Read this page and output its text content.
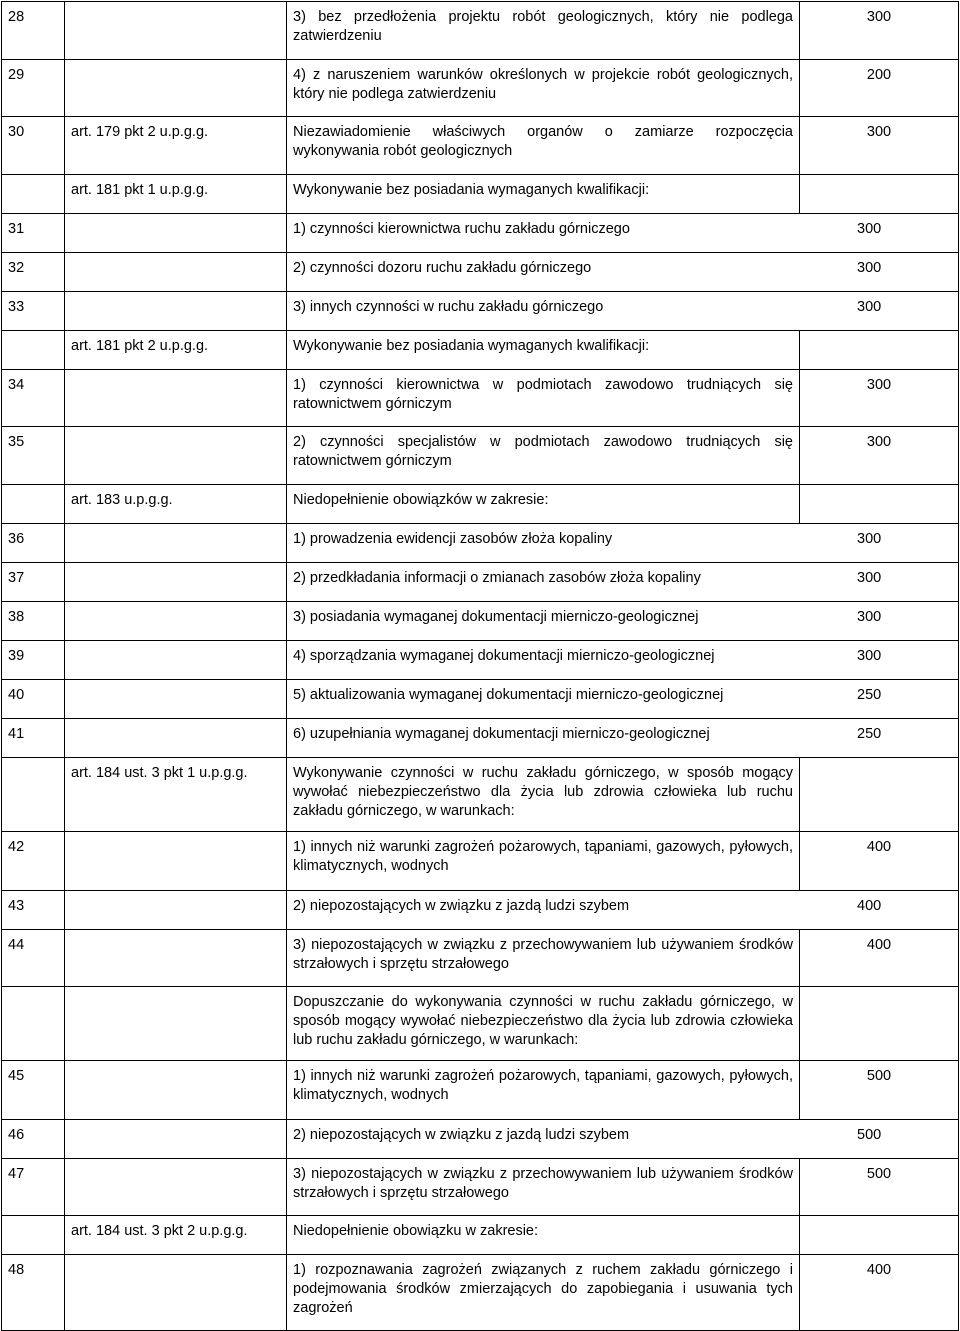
28		3) bez przedłożenia projektu robót geologicznych, który nie podlega zatwierdzeniu	300
29		4) z naruszeniem warunków określonych w projekcie robót geologicznych, który nie podlega zatwierdzeniu	200
30	art. 179 pkt 2 u.p.g.g.	Niezawiadomienie właściwych organów o zamiarze rozpoczęcia wykonywania robót geologicznych	300
	art. 181 pkt 1 u.p.g.g.	Wykonywanie bez posiadania wymaganych kwalifikacji:	
31		1) czynności kierownictwa ruchu zakładu górniczego 300	

32		2) czynności dozoru ruchu zakładu górniczego 300	

33		3) innych czynności w ruchu zakładu górniczego 300	

	art. 181 pkt 2 u.p.g.g.	Wykonywanie bez posiadania wymaganych kwalifikacji:	
34		1) czynności kierownictwa w podmiotach zawodowo trudniących się ratownictwem górniczym	300
35		2) czynności specjalistów w podmiotach zawodowo trudniących się ratownictwem górniczym	300
	art. 183 u.p.g.g.	Niedopełnienie obowiązków w zakresie:	
36		1) prowadzenia ewidencji zasobów złoża kopaliny 300	

37		2) przedkładania informacji o zmianach zasobów złoża kopaliny 300	

38		3) posiadania wymaganej dokumentacji mierniczo-geologicznej 300	

39		4) sporządzania wymaganej dokumentacji mierniczo-geologicznej 300	

40		5) aktualizowania wymaganej dokumentacji mierniczo-geologicznej 250	

41		6) uzupełniania wymaganej dokumentacji mierniczo-geologicznej 250	

	art. 184 ust. 3 pkt 1 u.p.g.g.	Wykonywanie czynności w ruchu zakładu górniczego, w sposób mogący wywołać niebezpieczeństwo dla życia lub zdrowia człowieka lub ruchu zakładu górniczego, w warunkach:	
42		1) innych niż warunki zagrożeń pożarowych, tąpaniami, gazowych, pyłowych, klimatycznych, wodnych	400
43		2) niepozostających w związku z jazdą ludzi szybem 400	

44		3) niepozostających w związku z przechowywaniem lub używaniem środków strzałowych i sprzętu strzałowego	400
		Dopuszczanie do wykonywania czynności w ruchu zakładu górniczego, w sposób mogący wywołać niebezpieczeństwo dla życia lub zdrowia człowieka lub ruchu zakładu górniczego, w warunkach:	
45		1) innych niż warunki zagrożeń pożarowych, tąpaniami, gazowych, pyłowych, klimatycznych, wodnych	500
46		2) niepozostających w związku z jazdą ludzi szybem 500	

47		3) niepozostających w związku z przechowywaniem lub używaniem środków strzałowych i sprzętu strzałowego	500
	art. 184 ust. 3 pkt 2 u.p.g.g.	Niedopełnienie obowiązku w zakresie:	
48		1) rozpoznawania zagrożeń związanych z ruchem zakładu górniczego i podejmowania środków zmierzających do zapobiegania i usuwania tych zagrożeń	400
